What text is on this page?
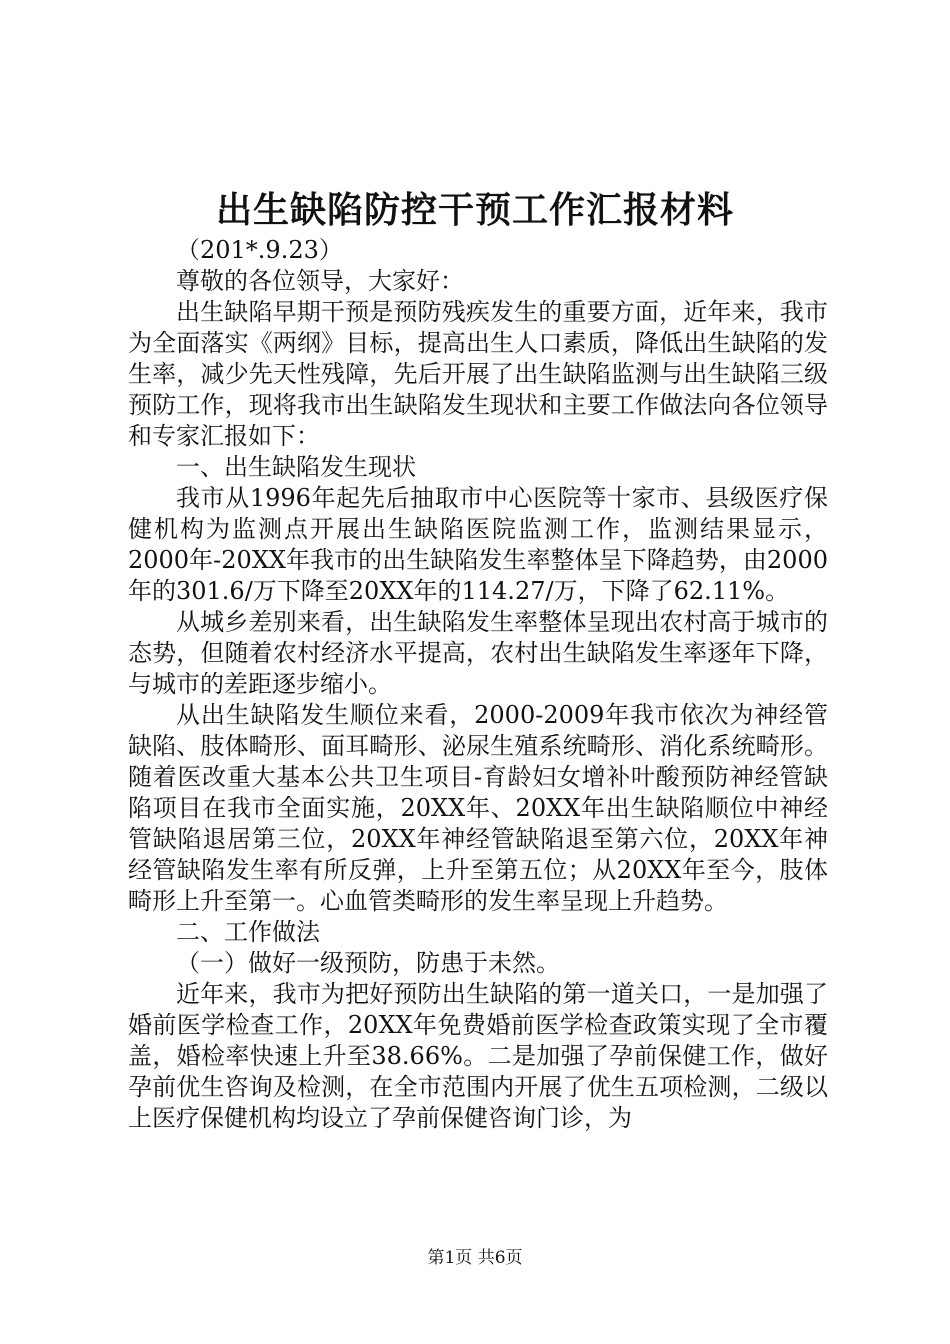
出生缺陷防控干预工作汇报材料

（201*.9.23）

尊敬的各位领导，大家好：

出生缺陷早期干预是预防残疾发生的重要方面，近年来，我市为全面落实《两纲》目标，提高出生人口素质，降低出生缺陷的发生率，减少先天性残障，先后开展了出生缺陷监测与出生缺陷三级预防工作，现将我市出生缺陷发生现状和主要工作做法向各位领导和专家汇报如下：

一、出生缺陷发生现状

我市从1996年起先后抽取市中心医院等十家市、县级医疗保健机构为监测点开展出生缺陷医院监测工作，监测结果显示，2000年-20XX年我市的出生缺陷发生率整体呈下降趋势，由2000年的301.6/万下降至20XX年的114.27/万，下降了62.11%。

从城乡差别来看，出生缺陷发生率整体呈现出农村高于城市的态势，但随着农村经济水平提高，农村出生缺陷发生率逐年下降，与城市的差距逐步缩小。

从出生缺陷发生顺位来看，2000-2009年我市依次为神经管缺陷、肢体畸形、面耳畸形、泌尿生殖系统畸形、消化系统畸形。随着医改重大基本公共卫生项目-育龄妇女增补叶酸预防神经管缺陷项目在我市全面实施，20XX年、20XX年出生缺陷顺位中神经管缺陷退居第三位，20XX年神经管缺陷退至第六位，20XX年神经管缺陷发生率有所反弹，上升至第五位；从20XX年至今，肢体畸形上升至第一。心血管类畸形的发生率呈现上升趋势。

二、工作做法

（一）做好一级预防，防患于未然。

近年来，我市为把好预防出生缺陷的第一道关口，一是加强了婚前医学检查工作，20XX年免费婚前医学检查政策实现了全市覆盖，婚检率快速上升至38.66%。二是加强了孕前保健工作，做好孕前优生咨询及检测，在全市范围内开展了优生五项检测，二级以上医疗保健机构均设立了孕前保健咨询门诊，为

第1页 共6页
